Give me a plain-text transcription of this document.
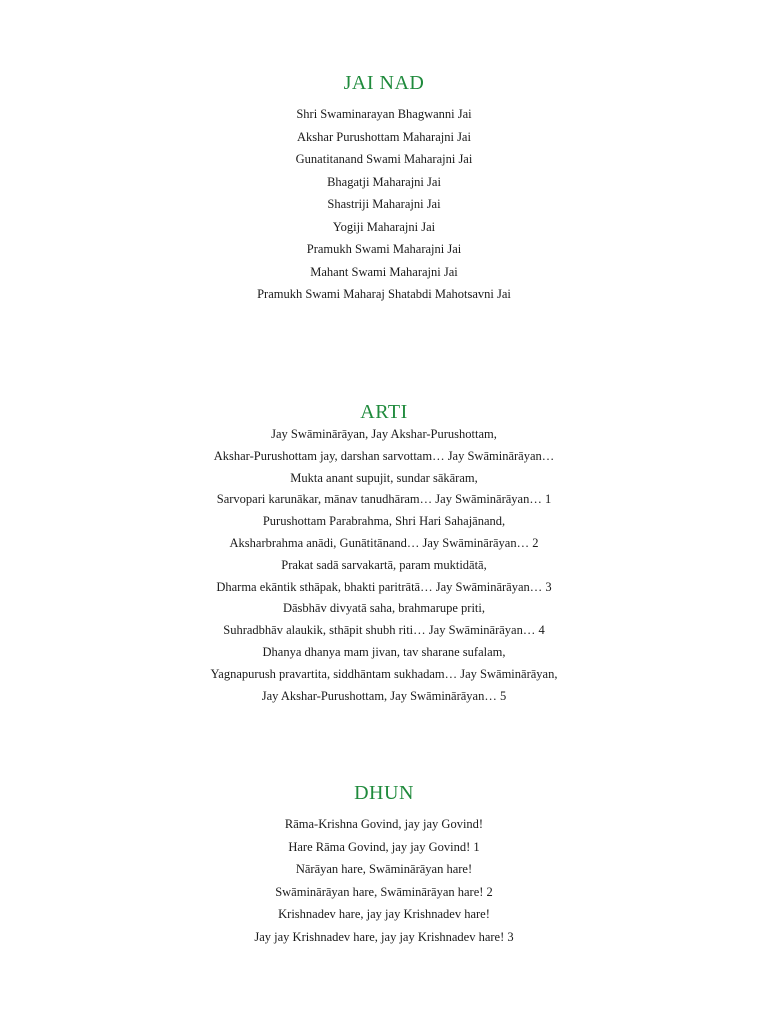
JAI NAD
Shri Swaminarayan Bhagwanni Jai
Akshar Purushottam Maharajni Jai
Gunatitanand Swami Maharajni Jai
Bhagatji Maharajni Jai
Shastriji Maharajni Jai
Yogiji Maharajni Jai
Pramukh Swami Maharajni Jai
Mahant Swami Maharajni Jai
Pramukh Swami Maharaj Shatabdi Mahotsavni Jai
ARTI
Jay Swāminārāyan, Jay Akshar-Purushottam,
Akshar-Purushottam jay, darshan sarvottam… Jay Swāminārāyan…
Mukta anant supujit, sundar sākāram,
Sarvopari karunākar, mānav tanudhāram… Jay Swāminārāyan… 1
Purushottam Parabrahma, Shri Hari Sahajānand,
Aksharbrahma anādi, Gunātitānand… Jay Swāminārāyan… 2
Prakat sadā sarvakartā, param muktidātā,
Dharma ekāntik sthāpak, bhakti paritrātā… Jay Swāminārāyan… 3
Dāsbhāv divyatā saha, brahmarupe priti,
Suhradbhāv alaukik, sthāpit shubh riti… Jay Swāminārāyan… 4
Dhanya dhanya mam jivan, tav sharane sufalam,
Yagnapurush pravartita, siddhāntam sukhadam… Jay Swāminārāyan,
Jay Akshar-Purushottam, Jay Swāminārāyan… 5
DHUN
Rāma-Krishna Govind, jay jay Govind!
Hare Rāma Govind, jay jay Govind! 1
Nārāyan hare, Swāminārāyan hare!
Swāminārāyan hare, Swāminārāyan hare! 2
Krishnadev hare, jay jay Krishnadev hare!
Jay jay Krishnadev hare, jay jay Krishnadev hare! 3
